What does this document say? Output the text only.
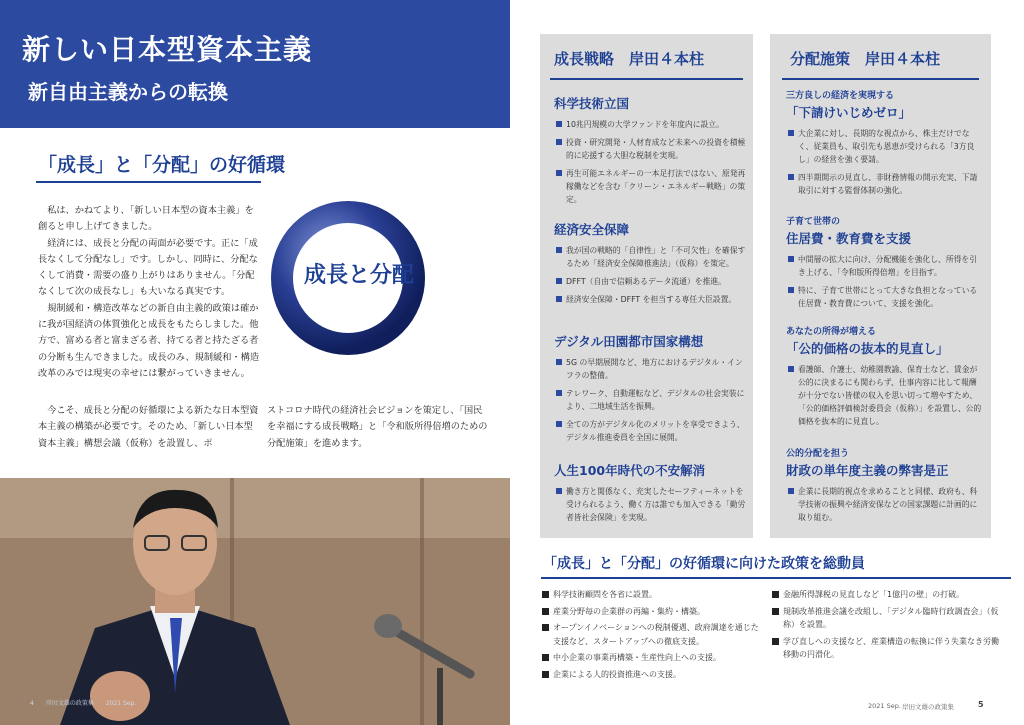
新しい日本型資本主義
新自由主義からの転換
「成長」と「分配」の好循環

私は、かねてより、「新しい日本型の資本主義」を創ると申し上げてきました。

経済には、成長と分配の両面が必要です。正に「成長なくして分配なし」です。しかし、同時に、分配なくして消費・需要の盛り上がりはありません。「分配なくして次の成長なし」も大いなる真実です。

規制緩和・構造改革などの新自由主義的政策は確かに我が国経済の体質強化と成長をもたらしました。他方で、富める者と富まざる者、持てる者と持たざる者の分断も生んできました。成長のみ、規制緩和・構造改革のみでは現実の幸せには繋がっていきません。

成長と分配

今こそ、成長と分配の好循環による新たな日本型資本主義の構築が必要です。そのため、「新しい日本型資本主義」構想会議（仮称）を設置し、ポ

ストコロナ時代の経済社会ビジョンを策定し、「国民を幸福にする成長戦略」と「令和版所得倍増のための分配施策」を進めます。

4　　岸田文雄の政策集　　2021 Sep.
成長戦略　岸田４本柱
科学技術立国
10兆円規模の大学ファンドを年度内に設立。
投資・研究開発・人材育成など未来への投資を積極的に応援する大胆な税制を実現。
再生可能エネルギーの一本足打法ではない、原発再稼働などを含む「クリーン・エネルギー戦略」の策定。
経済安全保障
我が国の戦略的「自律性」と「不可欠性」を確保するため「経済安全保障推進法」（仮称）を策定。
DFFT（自由で信頼あるデータ流通）を推進。
経済安全保障・DFFT を担当する専任大臣設置。
デジタル田園都市国家構想
5G の早期展開など、地方におけるデジタル・インフラの整備。
テレワーク、自動運転など、デジタルの社会実装により、二地域生活を振興。
全ての方がデジタル化のメリットを享受できよう、デジタル推進委員を全国に展開。
人生100年時代の不安解消
働き方と関係なく、充実したセーフティーネットを受けられるよう、働く方は誰でも加入できる「勤労者皆社会保険」を実現。
分配施策　岸田４本柱
三方良しの経済を実現する
「下請けいじめゼロ」
大企業に対し、長期的な視点から、株主だけでなく、従業員も、取引先も恩恵が受けられる「3方良し」の経営を強く要請。
四半期開示の見直し、非財務情報の開示充実、下請取引に対する監督体制の強化。
子育て世帯の
住居費・教育費を支援
中間層の拡大に向け、分配機能を強化し、所得を引き上げる、「令和版所得倍増」を目指す。
特に、子育て世帯にとって大きな負担となっている住居費・教育費について、支援を強化。
あなたの所得が増える
「公的価格の抜本的見直し」
看護師、介護士、幼稚園教諭、保育士など、賃金が公的に決まるにも関わらず、仕事内容に比して報酬が十分でない皆様の収入を思い切って増やすため、「公的価格評価検討委員会（仮称）」を設置し、公的価格を抜本的に見直し。
公的分配を担う
財政の単年度主義の弊害是正
企業に長期的視点を求めることと同様、政府も、科学技術の振興や経済安保などの国家課題に計画的に取り組む。
「成長」と「分配」の好循環に向けた政策を総動員
科学技術顧問を各省に設置。
産業分野毎の企業群の再編・集約・構築。
オープンイノベーションへの税制優遇、政府調達を通じた支援など、スタートアップへの徹底支援。
中小企業の事業再構築・生産性向上への支援。
企業による人的投資推進への支援。
金融所得課税の見直しなど「1億円の壁」の打破。
規制改革推進会議を改組し、「デジタル臨時行政調査会」（仮称）を設置。
学び直しへの支援など、産業構造の転換に伴う失業なき労働移動の円滑化。
2021 Sep. 岸田文雄の政策集	5
